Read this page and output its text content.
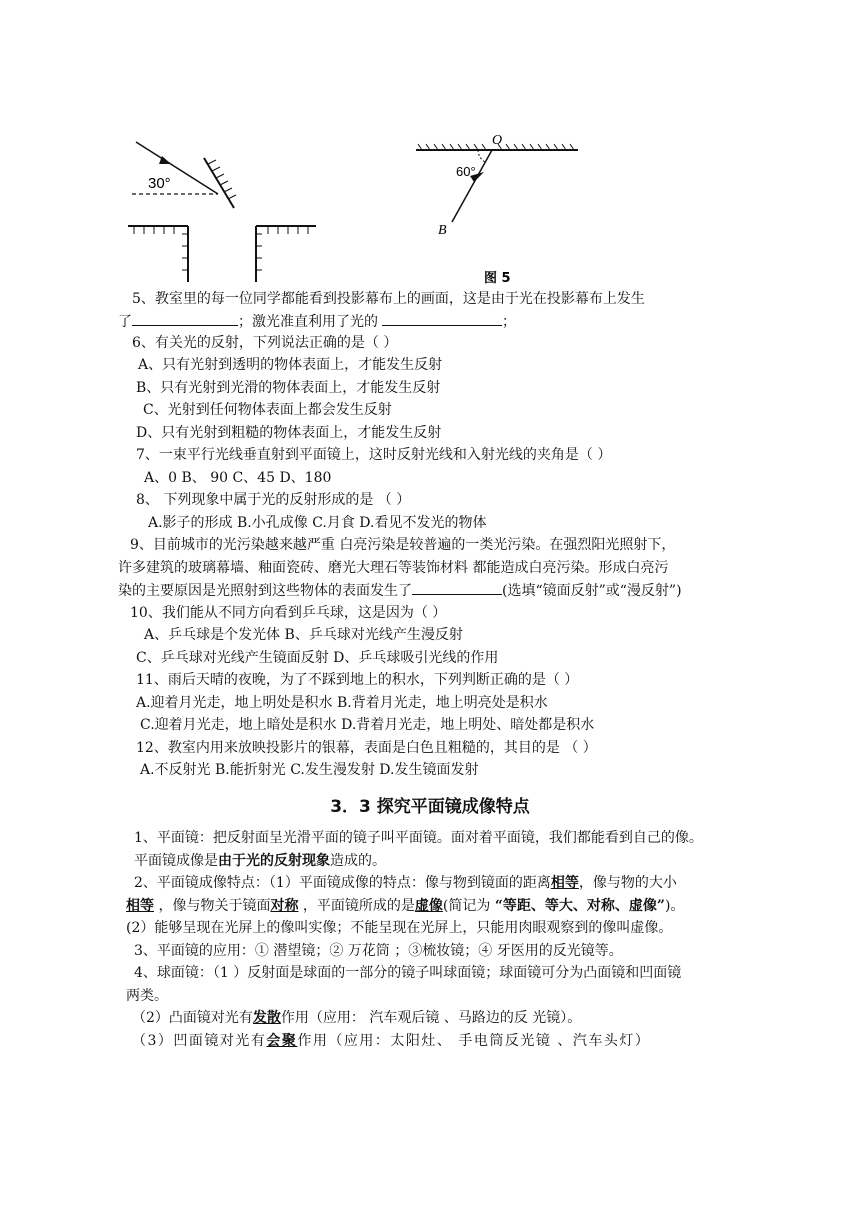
30°
O
60°
B
图 5
5、教室里的每一位同学都能看到投影幕布上的画面，这是由于光在投影幕布上发生
了	；激光准直利用了光的	；
6、有关光的反射，下列说法正确的是（ ）
A、只有光射到透明的物体表面上，才能发生反射
B、只有光射到光滑的物体表面上，才能发生反射
C、光射到任何物体表面上都会发生反射
D、只有光射到粗糙的物体表面上，才能发生反射
7、一束平行光线垂直射到平面镜上，这时反射光线和入射光线的夹角是（ ）
A、0 B、 90 C、45 D、180
8、 下列现象中属于光的反射形成的是 （ ）
A.影子的形成 B.小孔成像 C.月食 D.看见不发光的物体
9、目前城市的光污染越来越严重 白亮污染是较普遍的一类光污染。在强烈阳光照射下，
许多建筑的玻璃幕墙、釉面瓷砖、磨光大理石等装饰材料 都能造成白亮污染。形成白亮污
染的主要原因是光照射到这些物体的表面发生了	(选填“镜面反射”或“漫反射”)
10、我们能从不同方向看到乒乓球，这是因为（ ）
A、乒乓球是个发光体 B、乒乓球对光线产生漫反射
C、乒乓球对光线产生镜面反射 D、乒乓球吸引光线的作用
11、雨后天晴的夜晚，为了不踩到地上的积水，下列判断正确的是（ ）
A.迎着月光走，地上明处是积水 B.背着月光走，地上明亮处是积水
C.迎着月光走，地上暗处是积水 D.背着月光走，地上明处、暗处都是积水
12、教室内用来放映投影片的银幕，表面是白色且粗糙的，其目的是 （ ）
A.不反射光 B.能折射光 C.发生漫发射 D.发生镜面发射
3．3 探究平面镜成像特点
1、平面镜：把反射面呈光滑平面的镜子叫平面镜。面对着平面镜，我们都能看到自己的像。
平面镜成像是由于光的反射现象造成的。
2、平面镜成像特点：（1）平面镜成像的特点：像与物到镜面的距离相等，像与物的大小
相等 ，像与物关于镜面对称 ，平面镜所成的是虚像(简记为 “等距、等大、对称、虚像”)。
(2）能够呈现在光屏上的像叫实像；不能呈现在光屏上，只能用肉眼观察到的像叫虚像。
3、平面镜的应用：① 潜望镜；② 万花筒 ；③梳妆镜；④ 牙医用的反光镜等。
4、球面镜：（1 ）反射面是球面的一部分的镜子叫球面镜；球面镜可分为凸面镜和凹面镜
两类。
（2）凸面镜对光有发散作用（应用： 汽车观后镜 、马路边的反 光镜）。
（3）凹面镜对光有会聚作用（应用：太阳灶、 手电筒反光镜 、汽车头灯）
